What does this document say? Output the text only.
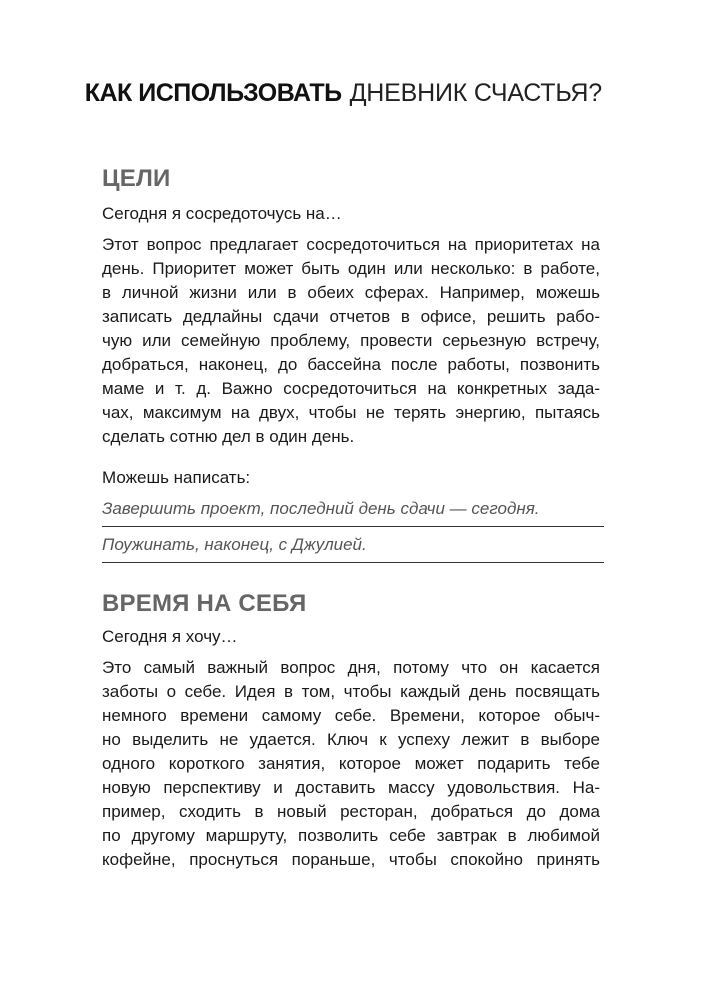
КАК ИСПОЛЬЗОВАТЬ ДНЕВНИК СЧАСТЬЯ?
ЦЕЛИ
Сегодня я сосредоточусь на…
Этот вопрос предлагает сосредоточиться на приоритетах на
день. Приоритет может быть один или несколько: в работе,
в личной жизни или в обеих сферах. Например, можешь
записать дедлайны сдачи отчетов в офисе, решить рабо-
чую или семейную проблему, провести серьезную встречу,
добраться, наконец, до бассейна после работы, позвонить
маме и т. д. Важно сосредоточиться на конкретных зада-
чах, максимум на двух, чтобы не терять энергию, пытаясь
сделать сотню дел в один день.
Можешь написать:
Завершить проект, последний день сдачи — сегодня.
Поужинать, наконец, с Джулией.
ВРЕМЯ НА СЕБЯ
Сегодня я хочу…
Это самый важный вопрос дня, потому что он касается
заботы о себе. Идея в том, чтобы каждый день посвящать
немного времени самому себе. Времени, которое обыч-
но выделить не удается. Ключ к успеху лежит в выборе
одного короткого занятия, которое может подарить тебе
новую перспективу и доставить массу удовольствия. На-
пример, сходить в новый ресторан, добраться до дома
по другому маршруту, позволить себе завтрак в любимой
кофейне, проснуться пораньше, чтобы спокойно принять
